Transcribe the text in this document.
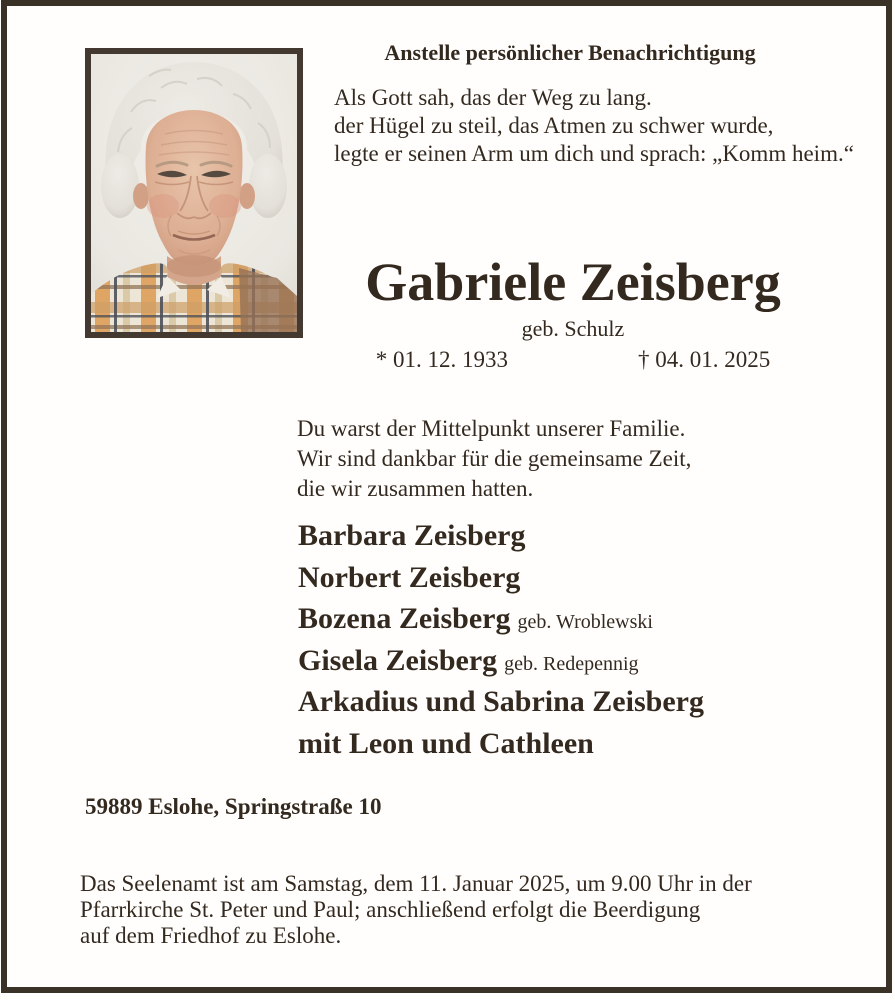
Anstelle persönlicher Benachrichtigung
Als Gott sah, das der Weg zu lang.
der Hügel zu steil, das Atmen zu schwer wurde,
legte er seinen Arm um dich und sprach: „Komm heim.“
Gabriele Zeisberg
geb. Schulz
* 01. 12. 1933	† 04. 01. 2025
Du warst der Mittelpunkt unserer Familie.
Wir sind dankbar für die gemeinsame Zeit,
die wir zusammen hatten.
Barbara Zeisberg
Norbert Zeisberg
Bozena Zeisberg geb. Wroblewski
Gisela Zeisberg geb. Redepennig
Arkadius und Sabrina Zeisberg
mit Leon und Cathleen
59889 Eslohe, Springstraße 10
Das Seelenamt ist am Samstag, dem 11. Januar 2025, um 9.00 Uhr in der
Pfarrkirche St. Peter und Paul; anschließend erfolgt die Beerdigung
auf dem Friedhof zu Eslohe.
